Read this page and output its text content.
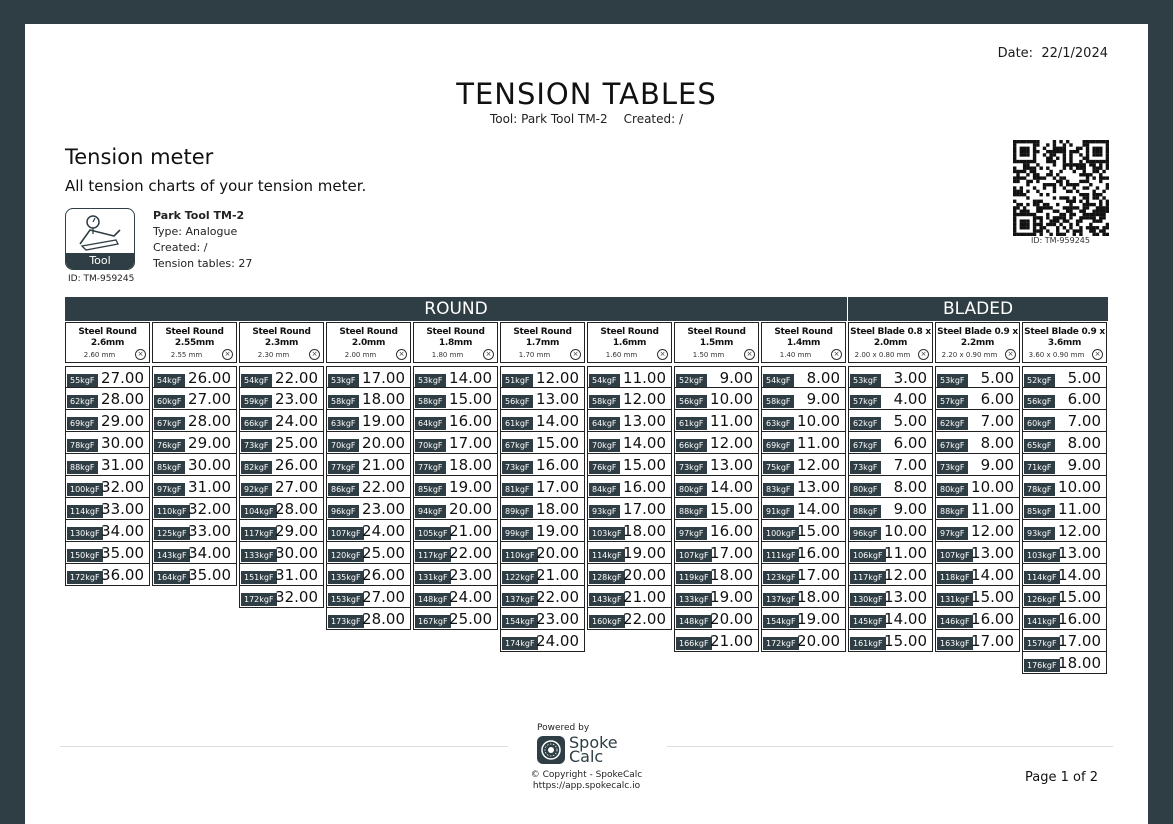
Date: 22/1/2024
TENSION TABLES
Tool: Park Tool TM-2 Created: /
Tension meter
All tension charts of your tension meter.
Tool
ID: TM-959245
Park Tool TM-2
Type: Analogue
Created: /
Tension tables: 27
ID: TM-959245
ROUND	BLADED
Steel Round
2.6mm
2.60 mm	×
55kgF 27.00
62kgF 28.00
69kgF 29.00
78kgF 30.00
88kgF 31.00
100kgF 32.00
114kgF 33.00
130kgF 34.00
150kgF 35.00
172kgF 36.00
Steel Round
2.55mm
2.55 mm	×
54kgF 26.00
60kgF 27.00
67kgF 28.00
76kgF 29.00
85kgF 30.00
97kgF 31.00
110kgF 32.00
125kgF 33.00
143kgF 34.00
164kgF 35.00
Steel Round
2.3mm
2.30 mm	×
54kgF 22.00
59kgF 23.00
66kgF 24.00
73kgF 25.00
82kgF 26.00
92kgF 27.00
104kgF 28.00
117kgF 29.00
133kgF 30.00
151kgF 31.00
172kgF 32.00
Steel Round
2.0mm
2.00 mm	×
53kgF 17.00
58kgF 18.00
63kgF 19.00
70kgF 20.00
77kgF 21.00
86kgF 22.00
96kgF 23.00
107kgF 24.00
120kgF 25.00
135kgF 26.00
153kgF 27.00
173kgF 28.00
Steel Round
1.8mm
1.80 mm	×
53kgF 14.00
58kgF 15.00
64kgF 16.00
70kgF 17.00
77kgF 18.00
85kgF 19.00
94kgF 20.00
105kgF 21.00
117kgF 22.00
131kgF 23.00
148kgF 24.00
167kgF 25.00
Steel Round
1.7mm
1.70 mm	×
51kgF 12.00
56kgF 13.00
61kgF 14.00
67kgF 15.00
73kgF 16.00
81kgF 17.00
89kgF 18.00
99kgF 19.00
110kgF 20.00
122kgF 21.00
137kgF 22.00
154kgF 23.00
174kgF 24.00
Steel Round
1.6mm
1.60 mm	×
54kgF 11.00
58kgF 12.00
64kgF 13.00
70kgF 14.00
76kgF 15.00
84kgF 16.00
93kgF 17.00
103kgF 18.00
114kgF 19.00
128kgF 20.00
143kgF 21.00
160kgF 22.00
Steel Round
1.5mm
1.50 mm	×
52kgF 9.00
56kgF 10.00
61kgF 11.00
66kgF 12.00
73kgF 13.00
80kgF 14.00
88kgF 15.00
97kgF 16.00
107kgF 17.00
119kgF 18.00
133kgF 19.00
148kgF 20.00
166kgF 21.00
Steel Round
1.4mm
1.40 mm	×
54kgF 8.00
58kgF 9.00
63kgF 10.00
69kgF 11.00
75kgF 12.00
83kgF 13.00
91kgF 14.00
100kgF 15.00
111kgF 16.00
123kgF 17.00
137kgF 18.00
154kgF 19.00
172kgF 20.00
Steel Blade 0.8 x
2.0mm
2.00 x 0.80 mm	×
53kgF 3.00
57kgF 4.00
62kgF 5.00
67kgF 6.00
73kgF 7.00
80kgF 8.00
88kgF 9.00
96kgF 10.00
106kgF 11.00
117kgF 12.00
130kgF 13.00
145kgF 14.00
161kgF 15.00
Steel Blade 0.9 x
2.2mm
2.20 x 0.90 mm	×
53kgF 5.00
57kgF 6.00
62kgF 7.00
67kgF 8.00
73kgF 9.00
80kgF 10.00
88kgF 11.00
97kgF 12.00
107kgF 13.00
118kgF 14.00
131kgF 15.00
146kgF 16.00
163kgF 17.00
Steel Blade 0.9 x
3.6mm
3.60 x 0.90 mm	×
52kgF 5.00
56kgF 6.00
60kgF 7.00
65kgF 8.00
71kgF 9.00
78kgF 10.00
85kgF 11.00
93kgF 12.00
103kgF 13.00
114kgF 14.00
126kgF 15.00
141kgF 16.00
157kgF 17.00
176kgF 18.00
Powered by
Spoke
Calc
© Copyright - SpokeCalc
https://app.spokecalc.io
Page 1 of 2
